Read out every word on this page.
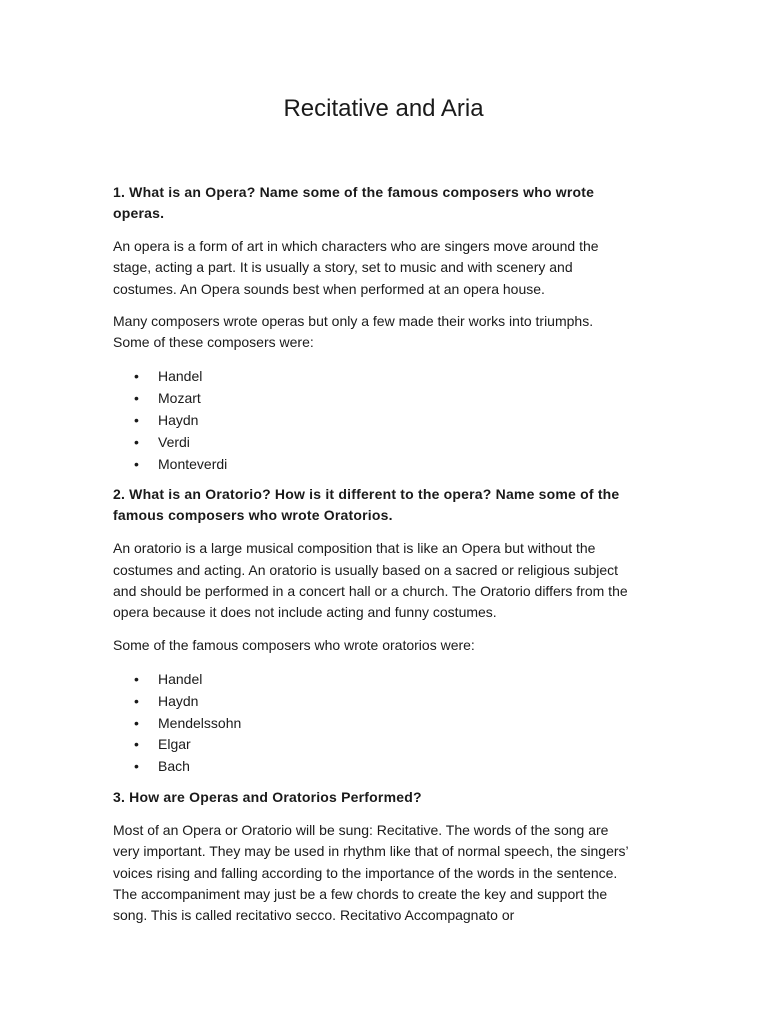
Recitative and Aria

1. What is an Opera? Name some of the famous composers who wrote operas.

An opera is a form of art in which characters who are singers move around the stage, acting a part. It is usually a story, set to music and with scenery and costumes. An Opera sounds best when performed at an opera house.

Many composers wrote operas but only a few made their works into triumphs. Some of these composers were:

• Handel
• Mozart
• Haydn
• Verdi
• Monteverdi

2. What is an Oratorio? How is it different to the opera? Name some of the famous composers who wrote Oratorios.

An oratorio is a large musical composition that is like an Opera but without the costumes and acting. An oratorio is usually based on a sacred or religious subject and should be performed in a concert hall or a church. The Oratorio differs from the opera because it does not include acting and funny costumes.

Some of the famous composers who wrote oratorios were:

• Handel
• Haydn
• Mendelssohn
• Elgar
• Bach

3. How are Operas and Oratorios Performed?

Most of an Opera or Oratorio will be sung: Recitative. The words of the song are very important. They may be used in rhythm like that of normal speech, the singers’ voices rising and falling according to the importance of the words in the sentence. The accompaniment may just be a few chords to create the key and support the song. This is called recitativo secco. Recitativo Accompagnato or
